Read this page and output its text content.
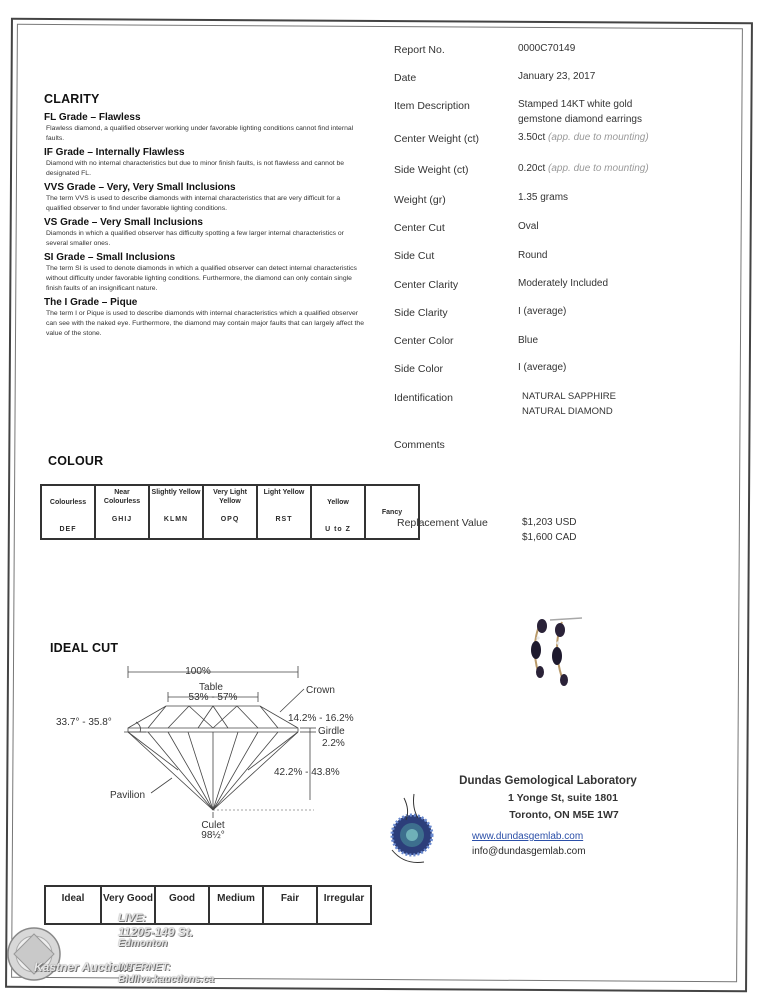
CLARITY
FL Grade – Flawless
Flawless diamond, a qualified observer working under favorable lighting conditions cannot find internal faults.
IF Grade – Internally Flawless
Diamond with no internal characteristics but due to minor finish faults, is not flawless and cannot be designated FL.
VVS Grade – Very, Very Small Inclusions
The term VVS is used to describe diamonds with internal characteristics that are very difficult for a qualified observer to find under favorable lighting conditions.
VS Grade – Very Small Inclusions
Diamonds in which a qualified observer has difficulty spotting a few larger internal characteristics or several smaller ones.
SI Grade – Small Inclusions
The term SI is used to denote diamonds in which a qualified observer can detect internal characteristics without difficulty under favorable lighting conditions. Furthermore, the diamond can only contain single finish faults of an insignificant nature.
The I Grade – Pique
The term I or Pique is used to describe diamonds with internal characteristics which a qualified observer can see with the naked eye. Furthermore, the diamond may contain major faults that can largely affect the value of the stone.
COLOUR
Colourless
DEF

Near Colourless
GHIJ

Slightly Yellow
KLMN

Very Light Yellow
OPQ

Light Yellow
RST

Yellow
U to Z
	Fancy
IDEAL CUT
100%
Table
53% - 57%
Crown
33.7° - 35.8°	14.2% - 16.2%
Girdle
2.2%
42.2% - 43.8%
Pavilion
Culet
98½°
Ideal	Very Good	Good	Medium	Fair	Irregular
Report No.	0000C70149
Date	January 23, 2017
Item Description	Stamped 14KT white gold gemstone diamond earrings
Center Weight (ct)	3.50ct (app. due to mounting)
Side Weight (ct)	0.20ct (app. due to mounting)
Weight (gr)	1.35 grams
Center Cut	Oval
Side Cut	Round
Center Clarity	Moderately Included
Side Clarity	I (average)
Center Color	Blue
Side Color	I (average)
Identification	NATURAL SAPPHIRE
NATURAL DIAMOND
Comments
Replacement Value	$1,203 USD
$1,600 CAD
Dundas Gemological Laboratory
1 Yonge St, suite 1801
Toronto, ON M5E 1W7
www.dundasgemlab.com
info@dundasgemlab.com
Kastner Auctions
LIVE:
11205-149 St.
Edmonton
INTERNET:
Bidlive.kauctions.ca
